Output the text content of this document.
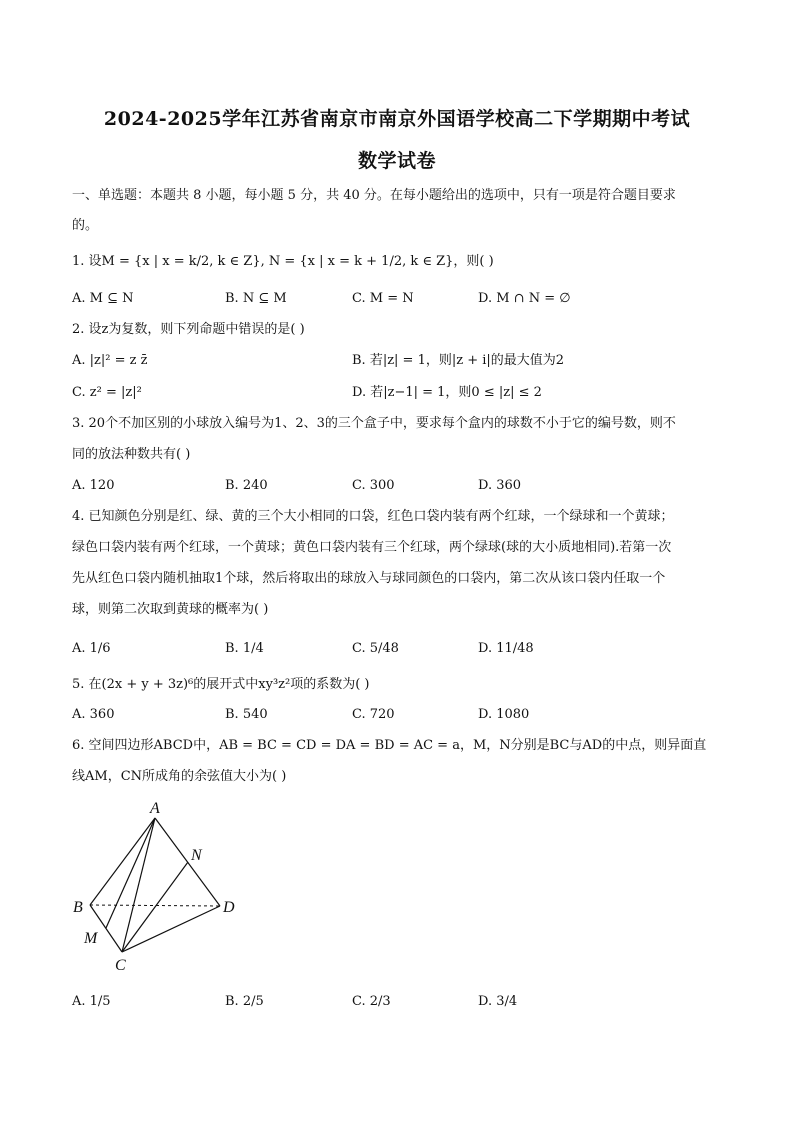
2024-2025学年江苏省南京市南京外国语学校高二下学期期中考试
数学试卷
一、单选题：本题共 8 小题，每小题 5 分，共 40 分。在每小题给出的选项中，只有一项是符合题目要求
的。
1. 设M = {x | x = k/2, k ∈ Z}, N = {x | x = k + 1/2, k ∈ Z}，则( )
A. M ⊆ N	B. N ⊆ M	C. M = N	D. M ∩ N = ∅
2. 设z为复数，则下列命题中错误的是( )
A. |z|² = z z̄	B. 若|z| = 1，则|z + i|的最大值为2
C. z² = |z|²	D. 若|z−1| = 1，则0 ≤ |z| ≤ 2
3. 20个不加区别的小球放入编号为1、2、3的三个盒子中，要求每个盒内的球数不小于它的编号数，则不
同的放法种数共有( )
A. 120	B. 240	C. 300	D. 360
4. 已知颜色分别是红、绿、黄的三个大小相同的口袋，红色口袋内装有两个红球，一个绿球和一个黄球；
绿色口袋内装有两个红球，一个黄球；黄色口袋内装有三个红球，两个绿球(球的大小质地相同).若第一次
先从红色口袋内随机抽取1个球，然后将取出的球放入与球同颜色的口袋内，第二次从该口袋内任取一个
球，则第二次取到黄球的概率为( )
A. 1/6	B. 1/4	C. 5/48	D. 11/48
5. 在(2x + y + 3z)⁶的展开式中xy³z²项的系数为( )
A. 360	B. 540	C. 720	D. 1080
6. 空间四边形ABCD中，AB = BC = CD = DA = BD = AC = a，M，N分别是BC与AD的中点，则异面直
线AM，CN所成角的余弦值大小为( )
A
B
C
D
M
N
A. 1/5	B. 2/5	C. 2/3	D. 3/4
